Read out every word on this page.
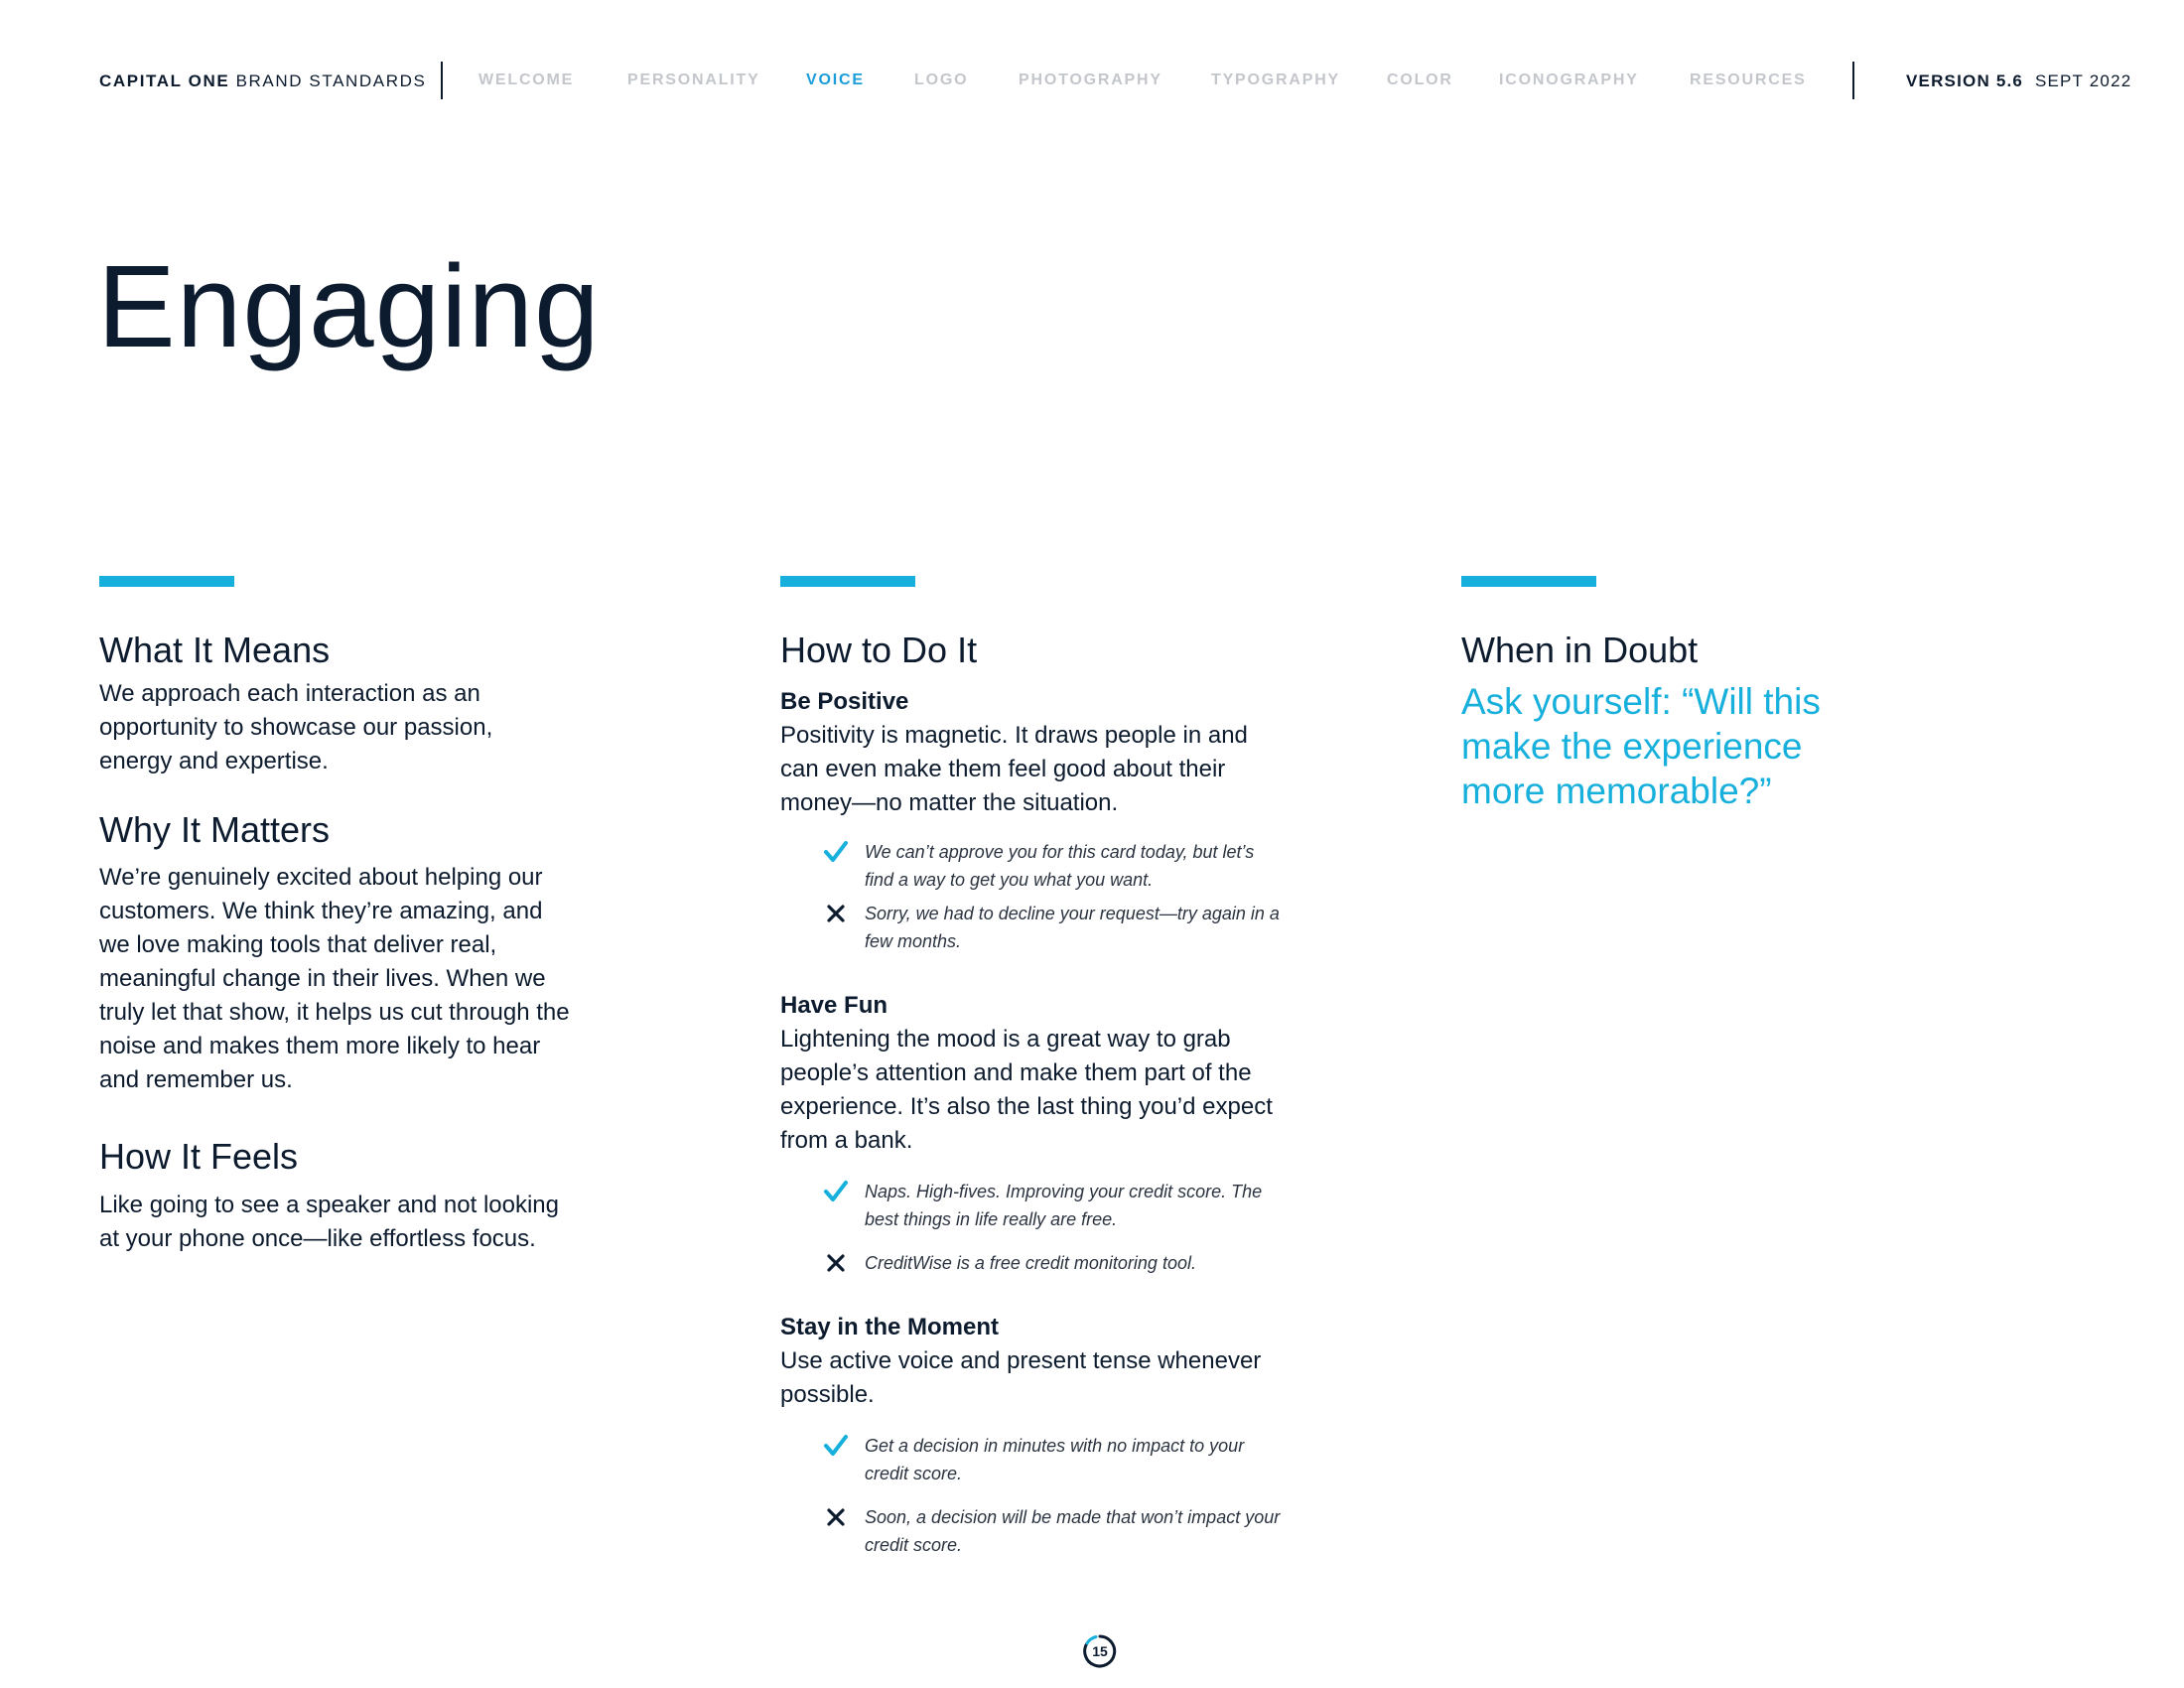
CAPITAL ONE BRAND STANDARDS	WELCOME	PERSONALITY	VOICE	LOGO	PHOTOGRAPHY	TYPOGRAPHY	COLOR	ICONOGRAPHY	RESOURCES	VERSION 5.6 SEPT 2022
Engaging
What It Means
We approach each interaction as an opportunity to showcase our passion, energy and expertise.
Why It Matters
We’re genuinely excited about helping our customers. We think they’re amazing, and we love making tools that deliver real, meaningful change in their lives. When we truly let that show, it helps us cut through the noise and makes them more likely to hear and remember us.
How It Feels
Like going to see a speaker and not looking at your phone once—like effortless focus.
How to Do It
Be Positive
Positivity is magnetic. It draws people in and can even make them feel good about their money—no matter the situation.
We can’t approve you for this card today, but let’s find a way to get you what you want.
Sorry, we had to decline your request—try again in a few months.
Have Fun
Lightening the mood is a great way to grab people’s attention and make them part of the experience. It’s also the last thing you’d expect from a bank.
Naps. High-fives. Improving your credit score. The best things in life really are free.
CreditWise is a free credit monitoring tool.
Stay in the Moment
Use active voice and present tense whenever possible.
Get a decision in minutes with no impact to your credit score.
Soon, a decision will be made that won’t impact your credit score.
When in Doubt
Ask yourself: “Will this make the experience more memorable?”
15
